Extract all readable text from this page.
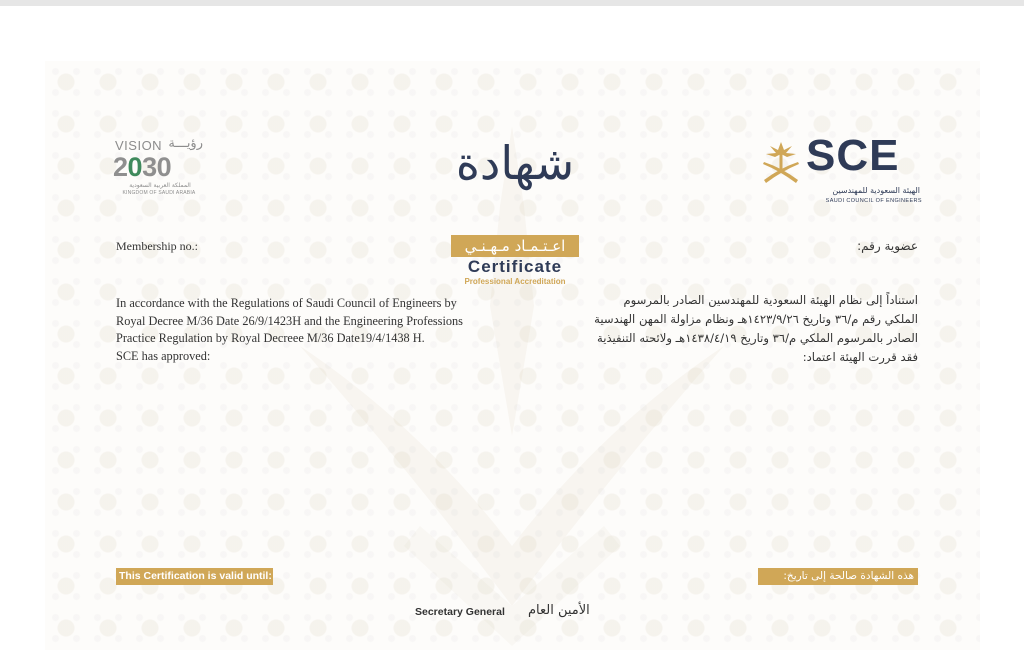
VISION رؤيـــة
2030
المملكة العربية السعودية
KINGDOM OF SAUDI ARABIA
شهادة
اعـتـمـاد مـهـنـي
Certificate
Professional Accreditation
SCE
الهيئة السعودية للمهندسين
SAUDI COUNCIL OF ENGINEERS
Membership no.:	عضوية رقم:
In accordance with the Regulations of Saudi Council of Engineers by
Royal Decree M/36 Date 26/9/1423H and the Engineering Professions
Practice Regulation by Royal Decreee M/36 Date19/4/1438 H.
SCE has approved:
استناداً إلى نظام الهيئة السعودية للمهندسين الصادر بالمرسوم
الملكي رقم م/٣٦ وتاريخ ١٤٢٣/٩/٢٦هـ ونظام مزاولة المهن الهندسية
الصادر بالمرسوم الملكي م/٣٦ وتاريخ ١٤٣٨/٤/١٩هـ ولائحته التنفيذية
فقد قررت الهيئة اعتماد:
This Certification is valid until:	هذه الشهادة صالحة إلى تاريخ:
Secretary General الأمين العام
